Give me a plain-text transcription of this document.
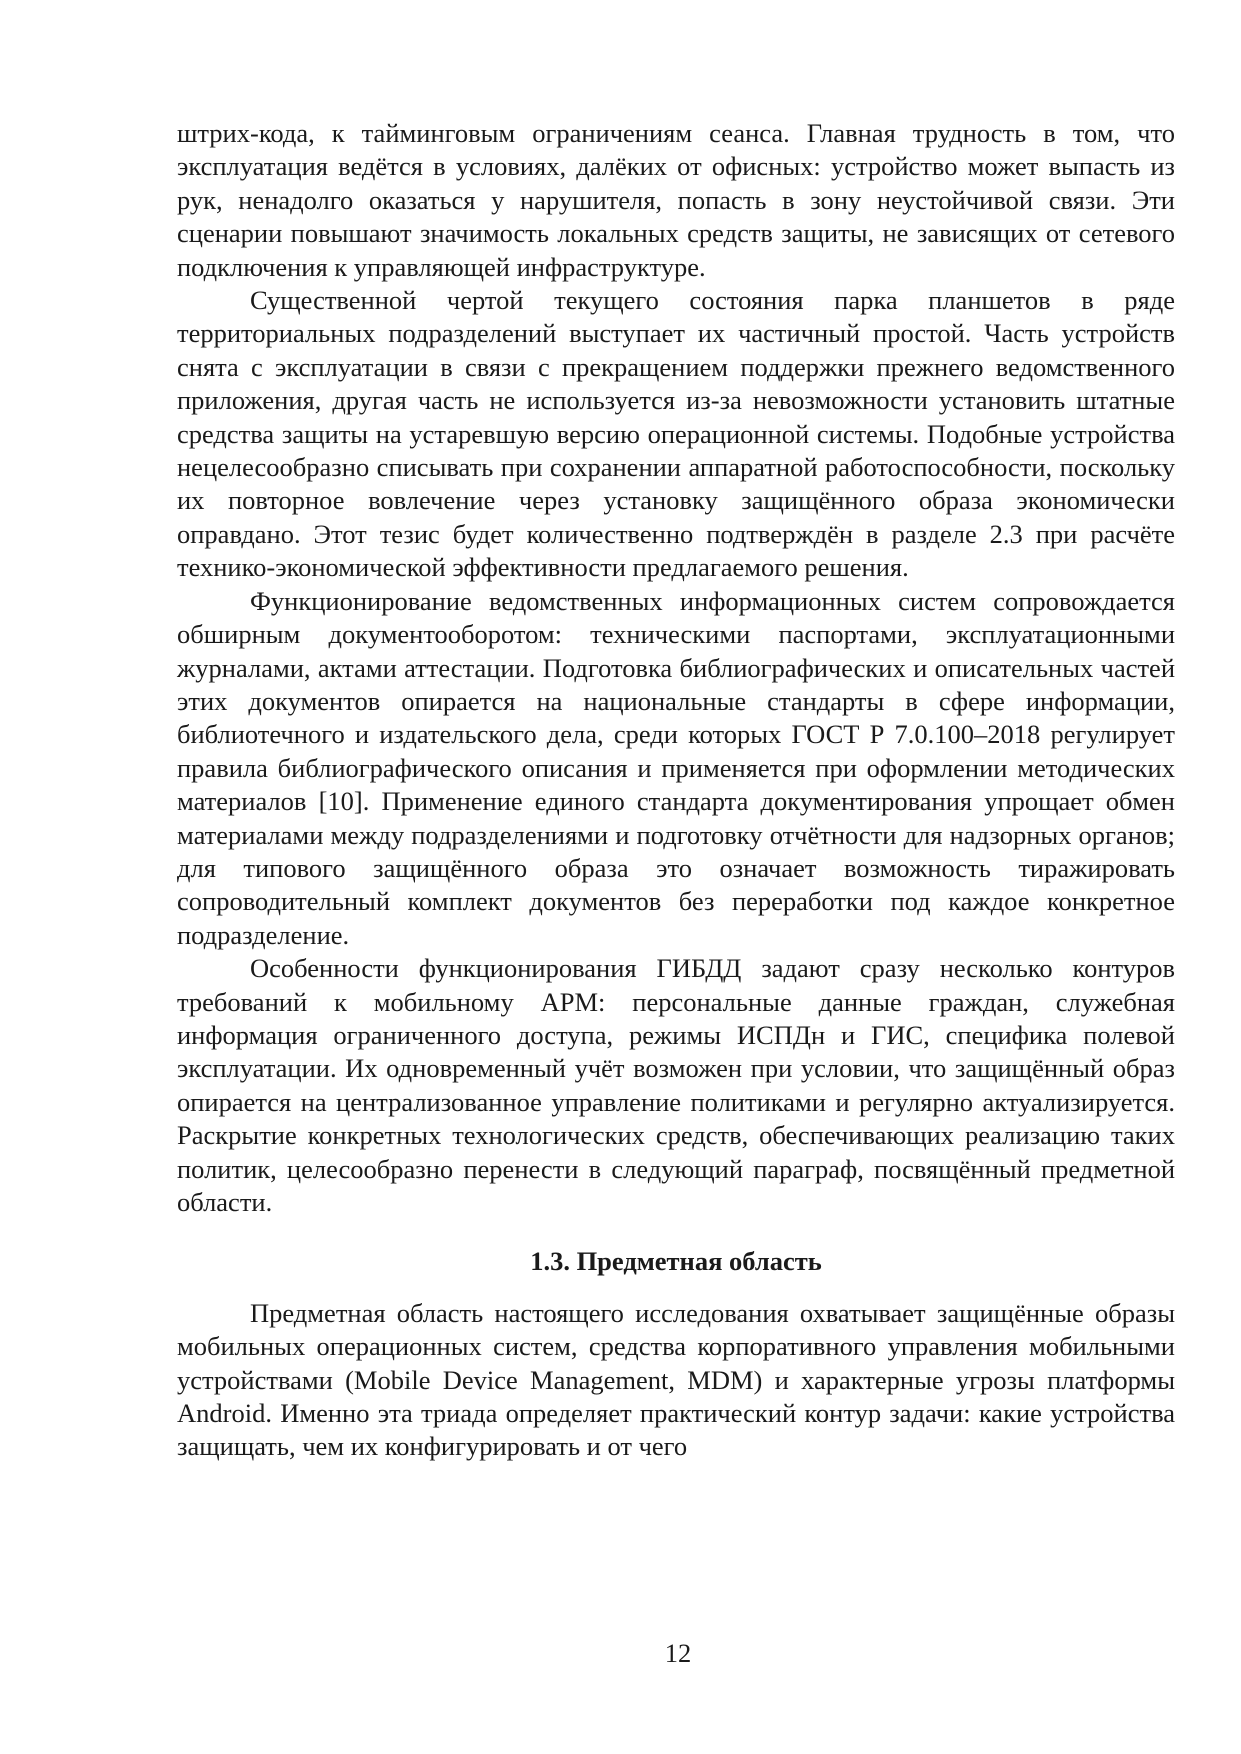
штрих-кода, к тайминговым ограничениям сеанса. Главная трудность в том, что эксплуатация ведётся в условиях, далёких от офисных: устройство может выпасть из рук, ненадолго оказаться у нарушителя, попасть в зону неустойчивой связи. Эти сценарии повышают значимость локальных средств защиты, не зависящих от сетевого подключения к управляющей инфраструктуре.

Существенной чертой текущего состояния парка планшетов в ряде территориальных подразделений выступает их частичный простой. Часть устройств снята с эксплуатации в связи с прекращением поддержки прежнего ведомственного приложения, другая часть не используется из-за невозможности установить штатные средства защиты на устаревшую версию операционной системы. Подобные устройства нецелесообразно списывать при сохранении аппаратной работоспособности, поскольку их повторное вовлечение через установку защищённого образа экономически оправдано. Этот тезис будет количественно подтверждён в разделе 2.3 при расчёте технико-экономической эффективности предлагаемого решения.

Функционирование ведомственных информационных систем сопровождается обширным документооборотом: техническими паспортами, эксплуатационными журналами, актами аттестации. Подготовка библиографических и описательных частей этих документов опирается на национальные стандарты в сфере информации, библиотечного и издательского дела, среди которых ГОСТ Р 7.0.100–2018 регулирует правила библиографического описания и применяется при оформлении методических материалов [10]. Применение единого стандарта документирования упрощает обмен материалами между подразделениями и подготовку отчётности для надзорных органов; для типового защищённого образа это означает возможность тиражировать сопроводительный комплект документов без переработки под каждое конкретное подразделение.

Особенности функционирования ГИБДД задают сразу несколько контуров требований к мобильному АРМ: персональные данные граждан, служебная информация ограниченного доступа, режимы ИСПДн и ГИС, специфика полевой эксплуатации. Их одновременный учёт возможен при условии, что защищённый образ опирается на централизованное управление политиками и регулярно актуализируется. Раскрытие конкретных технологических средств, обеспечивающих реализацию таких политик, целесообразно перенести в следующий параграф, посвящённый предметной области.

1.3. Предметная область

Предметная область настоящего исследования охватывает защищённые образы мобильных операционных систем, средства корпоративного управления мобильными устройствами (Mobile Device Management, MDM) и характерные угрозы платформы Android. Именно эта триада определяет практический контур задачи: какие устройства защищать, чем их конфигурировать и от чего

12
